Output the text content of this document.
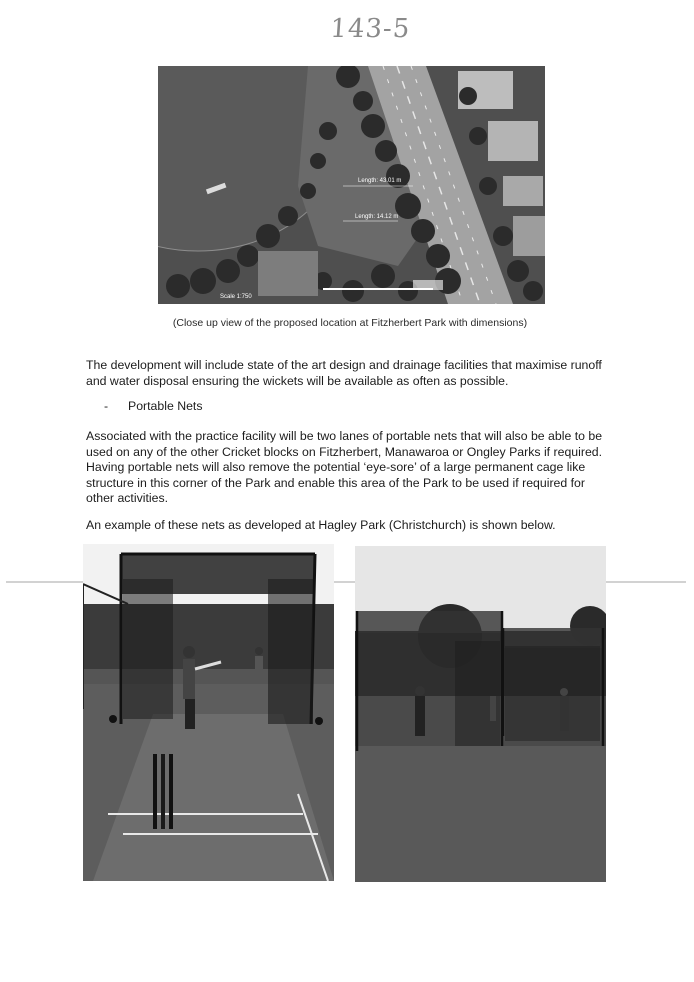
143-5
Length: 43.01 m
Length: 14.12 m
Scale 1:750
(Close up view of the proposed location at Fitzherbert Park with dimensions)

The development will include state of the art design and drainage facilities that maximise runoff and water disposal ensuring the wickets will be available as often as possible.

- Portable Nets

Associated with the practice facility will be two lanes of portable nets that will also be able to be used on any of the other Cricket blocks on Fitzherbert, Manawaroa or Ongley Parks if required. Having portable nets will also remove the potential ‘eye-sore’ of a large permanent cage like structure in this corner of the Park and enable this area of the Park to be used if required for other activities.

An example of these nets as developed at Hagley Park (Christchurch) is shown below.
